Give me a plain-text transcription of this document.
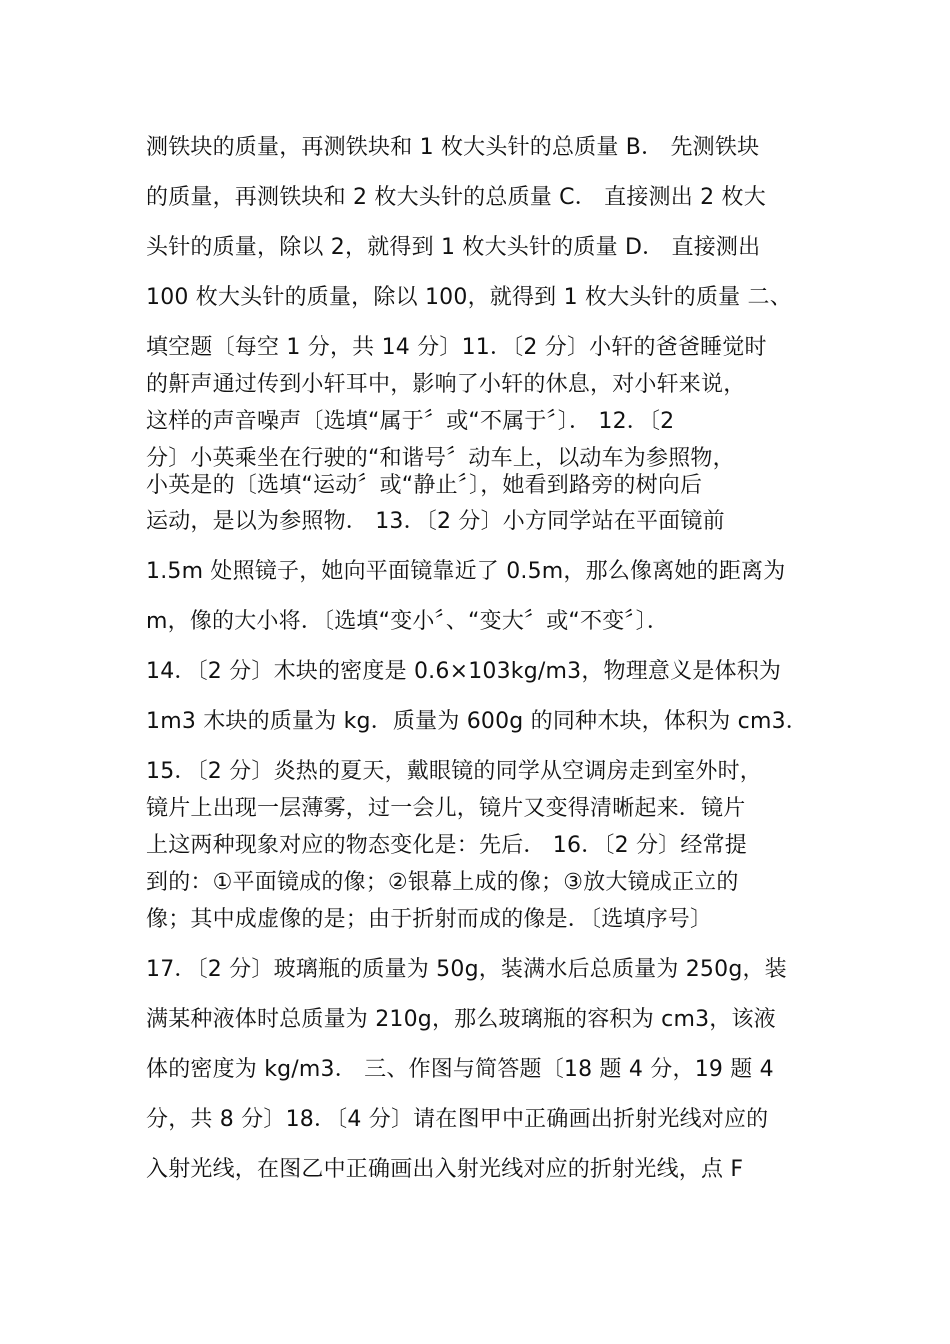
测铁块的质量，再测铁块和 1 枚大头针的总质量 B． 先测铁块
的质量，再测铁块和 2 枚大头针的总质量 C． 直接测出 2 枚大
头针的质量，除以 2，就得到 1 枚大头针的质量 D． 直接测出
100 枚大头针的质量，除以 100，就得到 1 枚大头针的质量 二、
填空题〔每空 1 分，共 14 分〕11．〔2 分〕小轩的爸爸睡觉时
的鼾声通过传到小轩耳中，影响了小轩的休息，对小轩来说，
这样的声音噪声〔选填“属于〞或“不属于〞〕． 12．〔2
分〕小英乘坐在行驶的“和谐号〞动车上，以动车为参照物，
小英是的〔选填“运动〞或“静止〞〕，她看到路旁的树向后
运动，是以为参照物． 13．〔2 分〕小方同学站在平面镜前
1.5m 处照镜子，她向平面镜靠近了 0.5m，那么像离她的距离为
m，像的大小将．〔选填“变小〞、“变大〞或“不变〞〕．
14．〔2 分〕木块的密度是 0.6×103kg/m3，物理意义是体积为
1m3 木块的质量为 kg．质量为 600g 的同种木块，体积为 cm3．
15．〔2 分〕炎热的夏天，戴眼镜的同学从空调房走到室外时，
镜片上出现一层薄雾，过一会儿，镜片又变得清晰起来．镜片
上这两种现象对应的物态变化是：先后． 16．〔2 分〕经常提
到的：①平面镜成的像；②银幕上成的像；③放大镜成正立的
像；其中成虚像的是；由于折射而成的像是．〔选填序号〕
17．〔2 分〕玻璃瓶的质量为 50g，装满水后总质量为 250g，装
满某种液体时总质量为 210g，那么玻璃瓶的容积为 cm3，该液
体的密度为 kg/m3． 三、作图与简答题〔18 题 4 分，19 题 4
分，共 8 分〕18．〔4 分〕请在图甲中正确画出折射光线对应的
入射光线，在图乙中正确画出入射光线对应的折射光线，点 F
